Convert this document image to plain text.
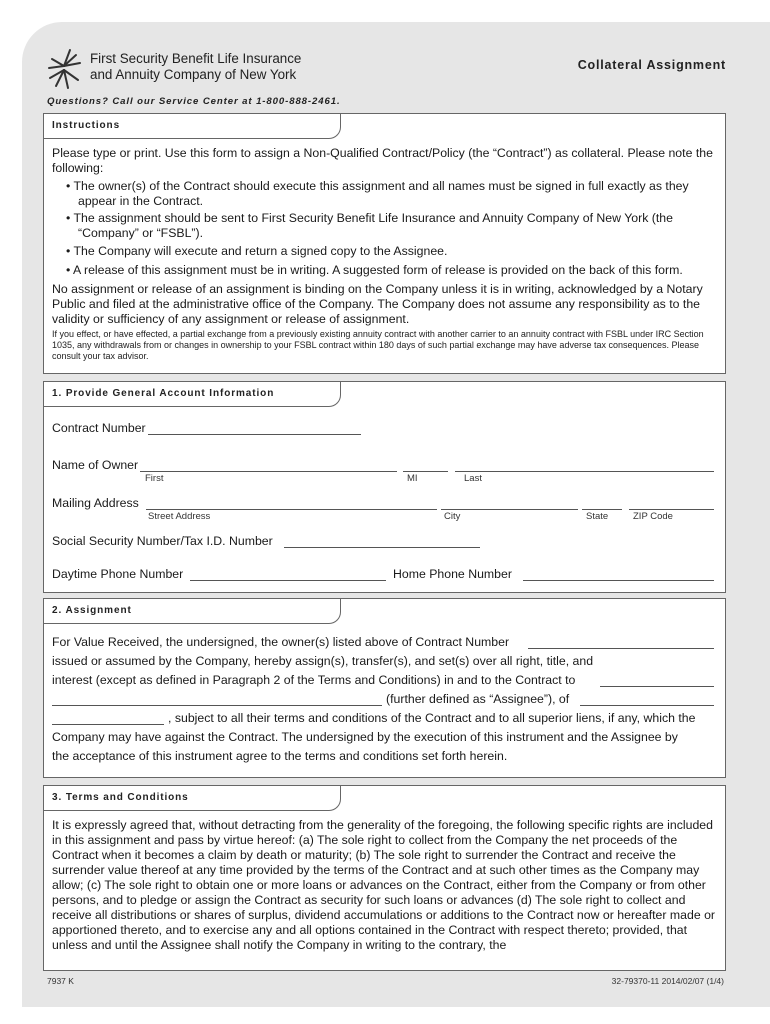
First Security Benefit Life Insurance
and Annuity Company of New York
Collateral Assignment
Questions? Call our Service Center at 1-800-888-2461.
Instructions
Please type or print. Use this form to assign a Non-Qualified Contract/Policy (the “Contract”) as collateral. Please note the following:
• The owner(s) of the Contract should execute this assignment and all names must be signed in full exactly as they appear in the Contract.
• The assignment should be sent to First Security Benefit Life Insurance and Annuity Company of New York (the “Company” or “FSBL”).
• The Company will execute and return a signed copy to the Assignee.
• A release of this assignment must be in writing. A suggested form of release is provided on the back of this form.
No assignment or release of an assignment is binding on the Company unless it is in writing, acknowledged by a Notary Public and filed at the administrative office of the Company. The Company does not assume any responsibility as to the validity or sufficiency of any assignment or release of assignment.
If you effect, or have effected, a partial exchange from a previously existing annuity contract with another carrier to an annuity contract with FSBL under IRC Section 1035, any withdrawals from or changes in ownership to your FSBL contract within 180 days of such partial exchange may have adverse tax consequences. Please consult your tax advisor.
1. Provide General Account Information
Contract Number
Name of Owner
First	MI	Last
Mailing Address
Street Address	City	State	ZIP Code
Social Security Number/Tax I.D. Number
Daytime Phone Number	Home Phone Number
2. Assignment
For Value Received, the undersigned, the owner(s) listed above of Contract Number
issued or assumed by the Company, hereby assign(s), transfer(s), and set(s) over all right, title, and
interest (except as defined in Paragraph 2 of the Terms and Conditions) in and to the Contract to
(further defined as “Assignee”), of
, subject to all their terms and conditions of the Contract and to all superior liens, if any, which the
Company may have against the Contract. The undersigned by the execution of this instrument and the Assignee by
the acceptance of this instrument agree to the terms and conditions set forth herein.
3. Terms and Conditions
It is expressly agreed that, without detracting from the generality of the foregoing, the following specific rights are included in this assignment and pass by virtue hereof: (a) The sole right to collect from the Company the net proceeds of the Contract when it becomes a claim by death or maturity; (b) The sole right to surrender the Contract and receive the surrender value thereof at any time provided by the terms of the Contract and at such other times as the Company may allow; (c) The sole right to obtain one or more loans or advances on the Contract, either from the Company or from other persons, and to pledge or assign the Contract as security for such loans or advances (d) The sole right to collect and receive all distributions or shares of surplus, dividend accumulations or additions to the Contract now or hereafter made or apportioned thereto, and to exercise any and all options contained in the Contract with respect thereto; provided, that unless and until the Assignee shall notify the Company in writing to the contrary, the
7937 K	32-79370-11 2014/02/07 (1/4)
